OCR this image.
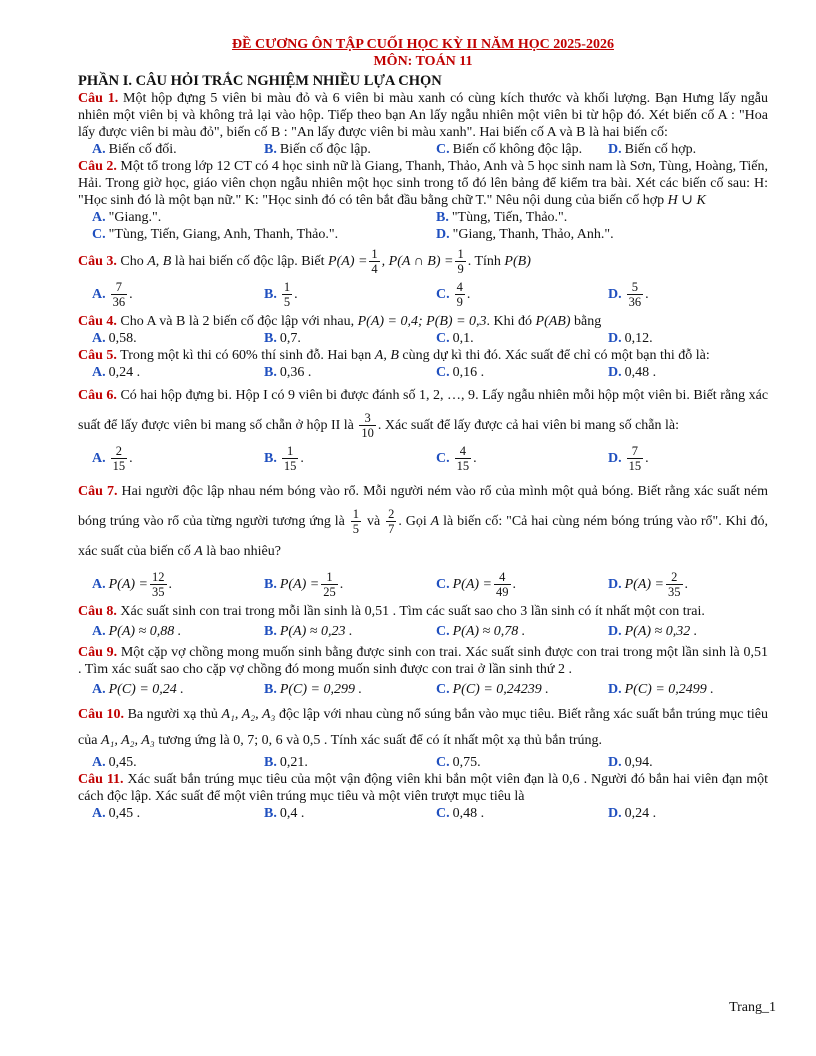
ĐỀ CƯƠNG ÔN TẬP CUỐI HỌC KỲ II NĂM HỌC 2025-2026

MÔN: TOÁN 11

PHẦN I. CÂU HỎI TRẮC NGHIỆM NHIỀU LỰA CHỌN

Câu 1. Một hộp đựng 5 viên bi màu đỏ và 6 viên bi màu xanh có cùng kích thước và khối lượng. Bạn Hưng lấy ngẫu nhiên một viên bị và không trả lại vào hộp. Tiếp theo bạn An lấy ngẫu nhiên một viên bi từ hộp đó. Xét biến cố A : "Hoa lấy được viên bi màu đỏ", biến cố B : "An lấy được viên bi màu xanh". Hai biến cố A và B là hai biến cố:

A. Biến cố đối.	B. Biến cố độc lập.	C. Biến cố không độc lập.	D. Biến cố hợp.

Câu 2. Một tổ trong lớp 12 CT có 4 học sinh nữ là Giang, Thanh, Thảo, Anh và 5 học sinh nam là Sơn, Tùng, Hoàng, Tiến, Hải. Trong giờ học, giáo viên chọn ngẫu nhiên một học sinh trong tổ đó lên bảng để kiểm tra bài. Xét các biến cố sau: H: "Học sinh đó là một bạn nữ." K: "Học sinh đó có tên bắt đầu bằng chữ T." Nêu nội dung của biến cố hợp H ∪ K

A. "Giang.".	B. "Tùng, Tiến, Thảo.".
C. "Tùng, Tiến, Giang, Anh, Thanh, Thảo.".	D. "Giang, Thanh, Thảo, Anh.".

Câu 3. Cho A, B là hai biến cố độc lập. Biết $P(A) = \frac{1}{4}$ , P(A ∩ $B) = \frac{1}{9}$ . Tính P(B)

A. $\frac{7}{36}$ .	B. $\frac{1}{5}$ .	C. $\frac{4}{9}$ .	D. $\frac{5}{36}$ .

Câu 4. Cho A và B là 2 biến cố độc lập với nhau, P(A) = 0,4; P(B) = 0,3. Khi đó P(AB) bằng

A. 0,58.	B. 0,7.	C. 0,1.	D. 0,12.

Câu 5. Trong một kì thi có 60% thí sinh đỗ. Hai bạn A, B cùng dự kì thi đó. Xác suất để chỉ có một bạn thi đỗ là:

A. 0,24 .	B. 0,36 .	C. 0,16 .	D. 0,48 .

Câu 6. Có hai hộp đựng bi. Hộp I có 9 viên bi được đánh số 1, 2, …, 9. Lấy ngẫu nhiên mỗi hộp một viên bi. Biết rằng xác suất để lấy được viên bi mang số chẵn ở hộp II là $\frac{3}{10}$ . Xác suất để lấy được cả hai viên bi mang số chẵn là:

A. $\frac{2}{15}$ .	B. $\frac{1}{15}$ .	C. $\frac{4}{15}$ .	D. $\frac{7}{15}$ .

Câu 7. Hai người độc lập nhau ném bóng vào rổ. Mỗi người ném vào rổ của mình một quả bóng. Biết rằng xác suất ném bóng trúng vào rổ của từng người tương ứng là $\frac{1}{5}$ và $\frac{2}{7}$ . Gọi A là biến cố: "Cả hai cùng ném bóng trúng vào rổ". Khi đó, xác suất của biến cố A là bao nhiêu?

A. $P(A) = \frac{12}{35}$ .	B. $P(A) = \frac{1}{25}$ .	C. $P(A) = \frac{4}{49}$ .	D. $P(A) = \frac{2}{35}$ .

Câu 8. Xác suất sinh con trai trong mỗi lần sinh là 0,51 . Tìm các suất sao cho 3 lần sinh có ít nhất một con trai.

A. P(A) ≈ 0,88 .	B. P(A) ≈ 0,23 .	C. P(A) ≈ 0,78 .	D. P(A) ≈ 0,32 .

Câu 9. Một cặp vợ chồng mong muốn sinh bằng được sinh con trai. Xác suất sinh được con trai trong một lần sinh là 0,51 . Tìm xác suất sao cho cặp vợ chồng đó mong muốn sinh được con trai ở lần sinh thứ 2 .

A. P(C) = 0,24 .	B. P(C) = 0,299 .	C. P(C) = 0,24239 .	D. P(C) = 0,2499 .

Câu 10. Ba người xạ thủ A₁, A₂, A₃ độc lập với nhau cùng nổ súng bắn vào mục tiêu. Biết rằng xác suất bắn trúng mục tiêu của A₁, A₂, A₃ tương ứng là 0, 7; 0, 6 và 0,5 . Tính xác suất để có ít nhất một xạ thủ bắn trúng.

A. 0,45.	B. 0,21.	C. 0,75.	D. 0,94.

Câu 11. Xác suất bắn trúng mục tiêu của một vận động viên khi bắn một viên đạn là 0,6 . Người đó bắn hai viên đạn một cách độc lập. Xác suất để một viên trúng mục tiêu và một viên trượt mục tiêu là

A. 0,45 .	B. 0,4 .	C. 0,48 .	D. 0,24 .
Trang_1
